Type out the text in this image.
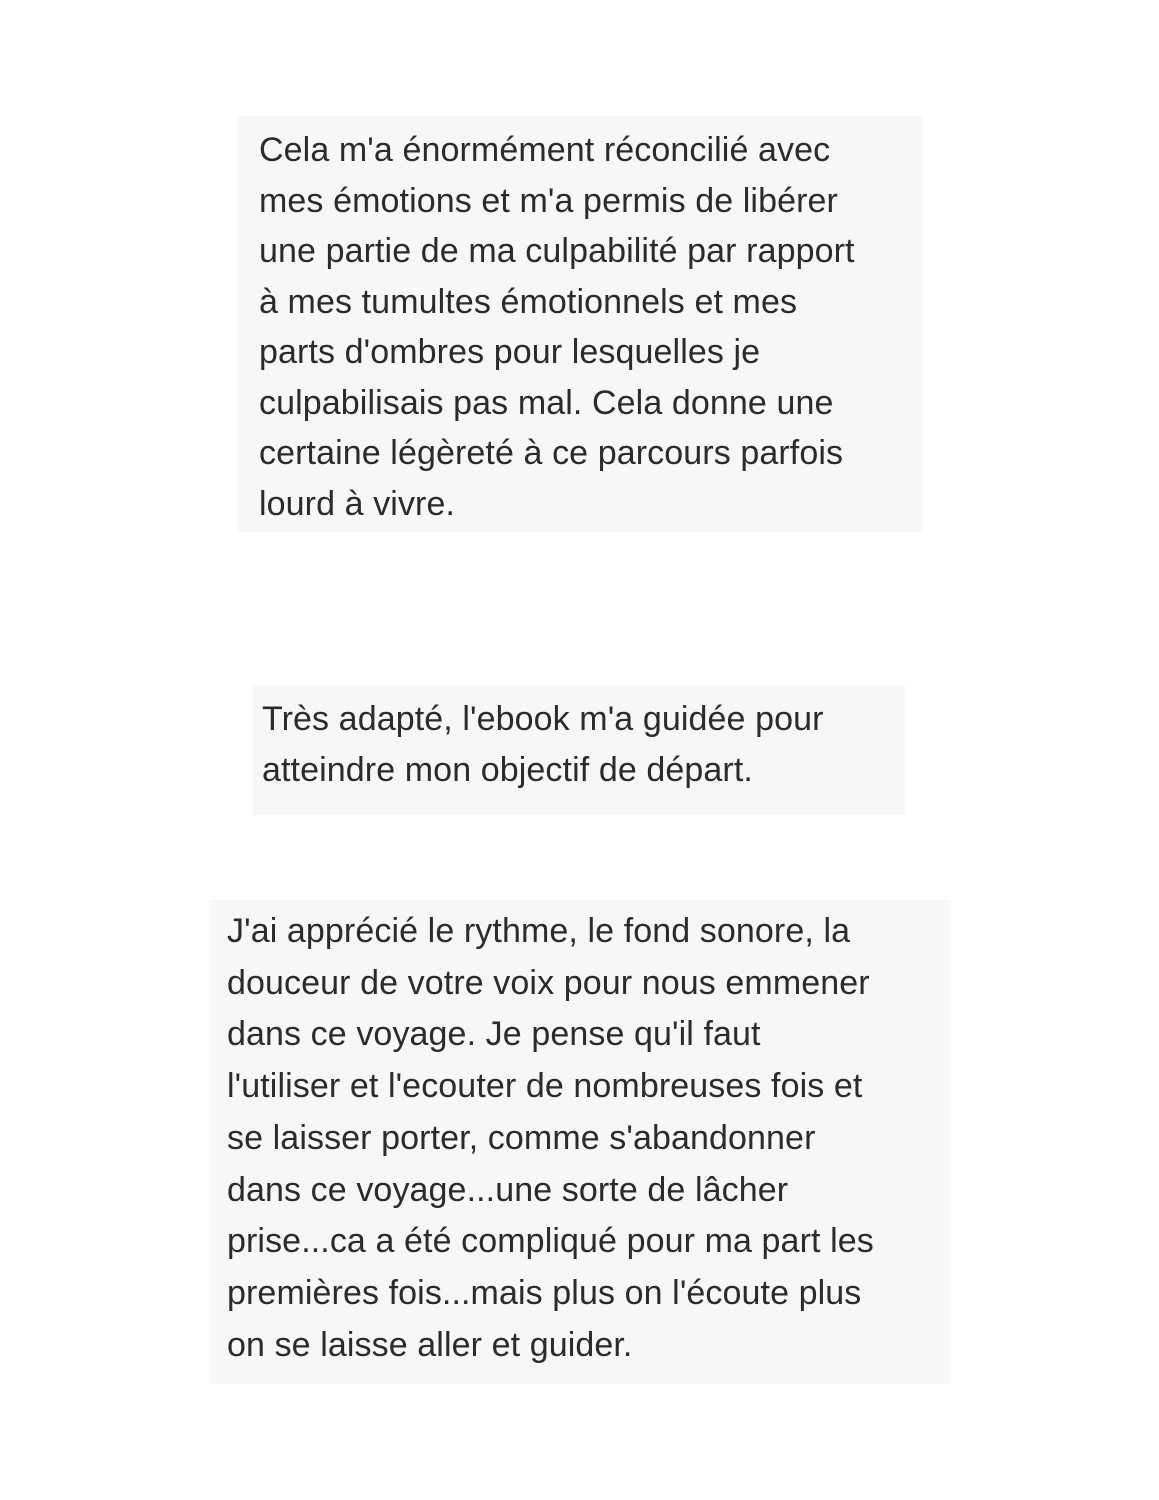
Cela m'a énormément réconcilié avec
mes émotions et m'a permis de libérer
une partie de ma culpabilité par rapport
à mes tumultes émotionnels et mes
parts d'ombres pour lesquelles je
culpabilisais pas mal. Cela donne une
certaine légèreté à ce parcours parfois
lourd à vivre.

Très adapté, l'ebook m'a guidée pour
atteindre mon objectif de départ.

J'ai apprécié le rythme, le fond sonore, la
douceur de votre voix pour nous emmener
dans ce voyage. Je pense qu'il faut
l'utiliser et l'ecouter de nombreuses fois et
se laisser porter, comme s'abandonner
dans ce voyage...une sorte de lâcher
prise...ca a été compliqué pour ma part les
premières fois...mais plus on l'écoute plus
on se laisse aller et guider.
